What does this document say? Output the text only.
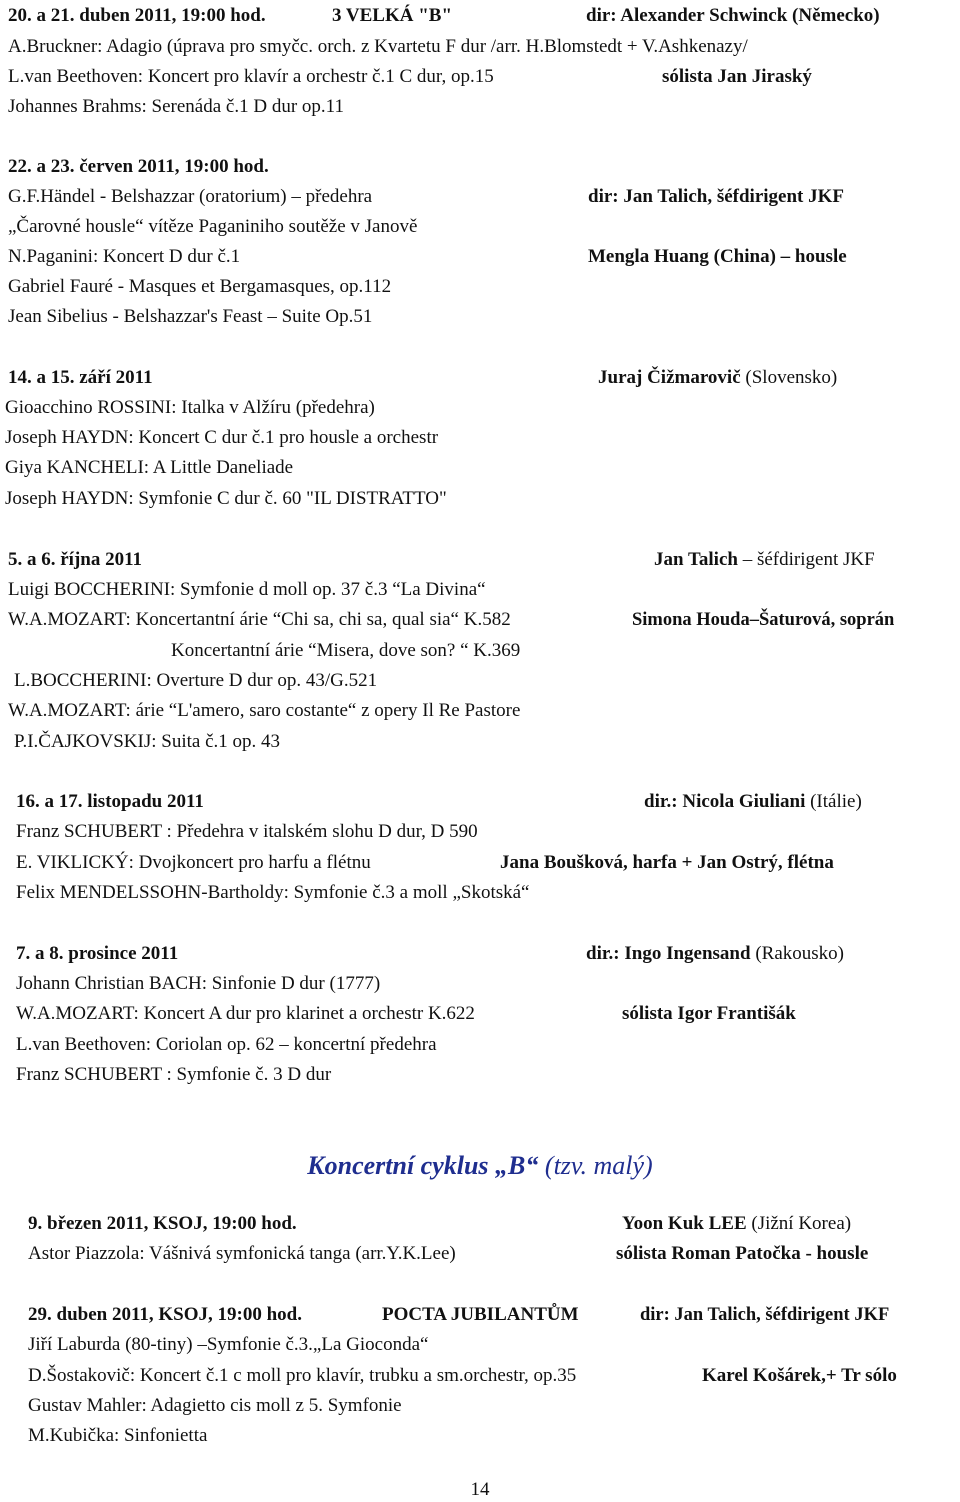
20. a 21. duben 2011, 19:00 hod.	3 VELKÁ "B"	dir: Alexander Schwinck (Německo)
A.Bruckner: Adagio (úprava pro smyčc. orch. z Kvartetu F dur /arr. H.Blomstedt + V.Ashkenazy/
L.van Beethoven: Koncert pro klavír a orchestr č.1 C dur, op.15	sólista Jan Jiraský
Johannes Brahms: Serenáda č.1 D dur op.11
22. a 23. červen 2011, 19:00 hod.
G.F.Händel - Belshazzar (oratorium) – předehra	dir: Jan Talich, šéfdirigent JKF
„Čarovné housle“ vítěze Paganiniho soutěže v Janově
N.Paganini: Koncert D dur č.1	Mengla Huang (China) – housle
Gabriel Fauré - Masques et Bergamasques, op.112
Jean Sibelius - Belshazzar's Feast – Suite Op.51
14. a 15. září 2011	Juraj Čižmarovič (Slovensko)
Gioacchino ROSSINI: Italka v Alžíru (předehra)
Joseph HAYDN: Koncert C dur č.1 pro housle a orchestr
Giya KANCHELI: A Little Daneliade
Joseph HAYDN: Symfonie C dur č. 60 "IL DISTRATTO"
5. a 6. října 2011	Jan Talich – šéfdirigent JKF
Luigi BOCCHERINI: Symfonie d moll op. 37 č.3 “La Divina“
W.A.MOZART: Koncertantní árie “Chi sa, chi sa, qual sia“ K.582	Simona Houda–Šaturová, soprán
Koncertantní árie “Misera, dove son? “ K.369
L.BOCCHERINI: Overture D dur op. 43/G.521
W.A.MOZART: árie “L'amero, saro costante“ z opery Il Re Pastore
P.I.ČAJKOVSKIJ: Suita č.1 op. 43
16. a 17. listopadu 2011	dir.: Nicola Giuliani (Itálie)
Franz SCHUBERT : Předehra v italském slohu D dur, D 590
E. VIKLICKÝ: Dvojkoncert pro harfu a flétnu	Jana Boušková, harfa + Jan Ostrý, flétna
Felix MENDELSSOHN-Bartholdy: Symfonie č.3 a moll „Skotská“
7. a 8. prosince 2011	dir.: Ingo Ingensand (Rakousko)
Johann Christian BACH: Sinfonie D dur (1777)
W.A.MOZART: Koncert A dur pro klarinet a orchestr K.622	sólista Igor Františák
L.van Beethoven: Coriolan op. 62 – koncertní předehra
Franz SCHUBERT : Symfonie č. 3 D dur
Koncertní cyklus „B“ (tzv. malý)
9. březen 2011, KSOJ, 19:00 hod.	Yoon Kuk LEE (Jižní Korea)
Astor Piazzola: Vášnivá symfonická tanga (arr.Y.K.Lee)	sólista Roman Patočka - housle
29. duben 2011, KSOJ, 19:00 hod.	POCTA JUBILANTŮM	dir: Jan Talich, šéfdirigent JKF
Jiří Laburda (80-tiny) –Symfonie č.3.„La Gioconda“
D.Šostakovič: Koncert č.1 c moll pro klavír, trubku a sm.orchestr, op.35	Karel Košárek,+ Tr sólo
Gustav Mahler: Adagietto cis moll z 5. Symfonie
M.Kubička: Sinfonietta
14
